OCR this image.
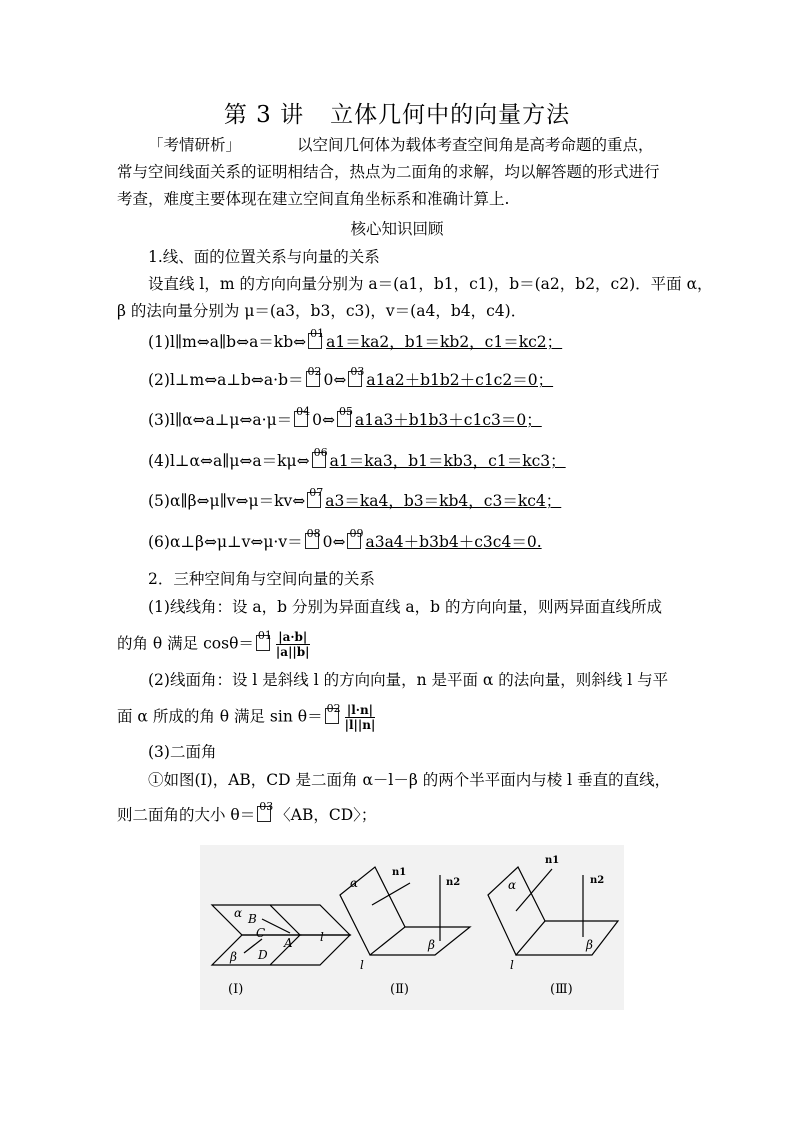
第 3 讲 立体几何中的向量方法
「考情研析」	以空间几何体为载体考查空间角是高考命题的重点，
常与空间线面关系的证明相结合，热点为二面角的求解，均以解答题的形式进行
考查，难度主要体现在建立空间直角坐标系和准确计算上.
核心知识回顾
1.线、面的位置关系与向量的关系
设直线 l，m 的方向向量分别为 a＝(a1，b1，c1)，b＝(a2，b2，c2)．平面 α，
β 的法向量分别为 μ＝(a3，b3，c3)，v＝(a4，b4，c4)．
(1)l∥m⇔a∥b⇔a＝kb⇔ $^{01}$ a1＝ka2，b1＝kb2，c1＝kc2；
(2)l⊥m⇔a⊥b⇔a·b＝ $^{02}$ 0⇔ $^{03}$ a1a2＋b1b2＋c1c2＝0；
(3)l∥α⇔a⊥μ⇔a·μ＝ $^{04}$ 0⇔ $^{05}$ a1a3＋b1b3＋c1c3＝0；
(4)l⊥α⇔a∥μ⇔a＝kμ⇔ $^{06}$ a1＝ka3，b1＝kb3，c1＝kc3；
(5)α∥β⇔μ∥v⇔μ＝kv⇔ $^{07}$ a3＝ka4，b3＝kb4，c3＝kc4；
(6)α⊥β⇔μ⊥v⇔μ·v＝ $^{08}$ 0⇔ $^{09}$ a3a4＋b3b4＋c3c4＝0.
2．三种空间角与空间向量的关系
(1)线线角：设 a，b 分别为异面直线 a，b 的方向向量，则两异面直线所成
的角 θ 满足 $\cos\theta= ^{01} \frac{|a\cdot b|}{|a||b|}$
(2)线面角：设 l 是斜线 l 的方向向量，n 是平面 α 的法向量，则斜线 l 与平
面 α 所成的角 θ 满足 $\sin \theta= ^{02} \frac{|l\cdot n|}{|l||n|}$
(3)二面角
①如图(Ⅰ)，AB，CD 是二面角 α－l－β 的两个半平面内与棱 l 垂直的直线，
则二面角的大小 θ＝ $^{03}$ 〈AB，CD〉；
α B
C
A
β D
l
(Ⅰ)
α
n1
n2
β
l
(Ⅱ)
α
n1
n2
β
l
(Ⅲ)
